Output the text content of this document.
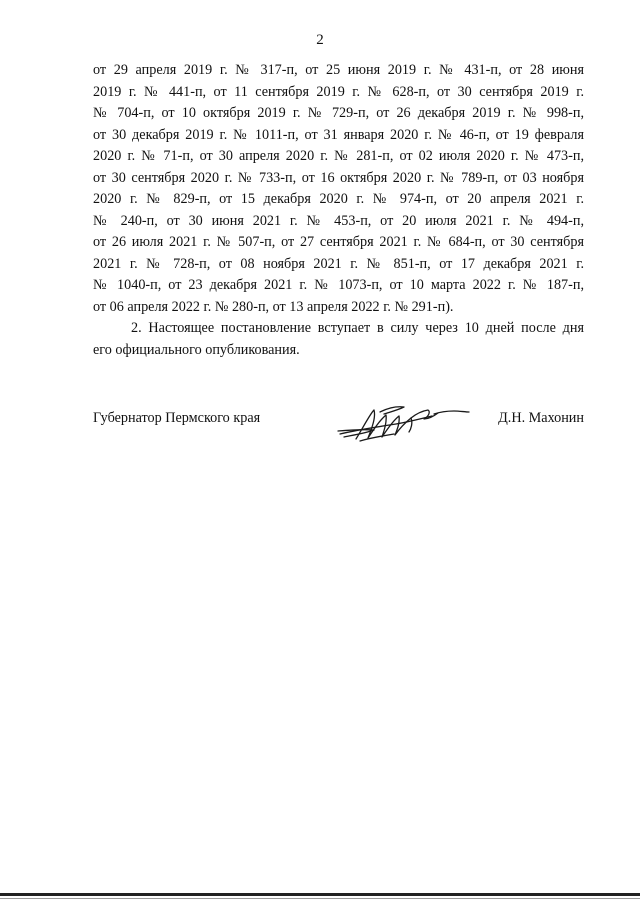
2
от 29 апреля 2019 г. № 317-п, от 25 июня 2019 г. № 431-п, от 28 июня
2019 г. № 441-п, от 11 сентября 2019 г. № 628-п, от 30 сентября 2019 г.
№ 704-п, от 10 октября 2019 г. № 729-п, от 26 декабря 2019 г. № 998-п,
от 30 декабря 2019 г. № 1011-п, от 31 января 2020 г. № 46-п, от 19 февраля
2020 г. № 71-п, от 30 апреля 2020 г. № 281-п, от 02 июля 2020 г. № 473-п,
от 30 сентября 2020 г. № 733-п, от 16 октября 2020 г. № 789-п, от 03 ноября
2020 г. № 829-п, от 15 декабря 2020 г. № 974-п, от 20 апреля 2021 г.
№ 240-п, от 30 июня 2021 г. № 453-п, от 20 июля 2021 г. № 494-п,
от 26 июля 2021 г. № 507-п, от 27 сентября 2021 г. № 684-п, от 30 сентября
2021 г. № 728-п, от 08 ноября 2021 г. № 851-п, от 17 декабря 2021 г.
№ 1040-п, от 23 декабря 2021 г. № 1073-п, от 10 марта 2022 г. № 187-п,
от 06 апреля 2022 г. № 280-п, от 13 апреля 2022 г. № 291-п).
2. Настоящее постановление вступает в силу через 10 дней после дня
его официального опубликования.
Губернатор Пермского края	Д.Н. Махонин
